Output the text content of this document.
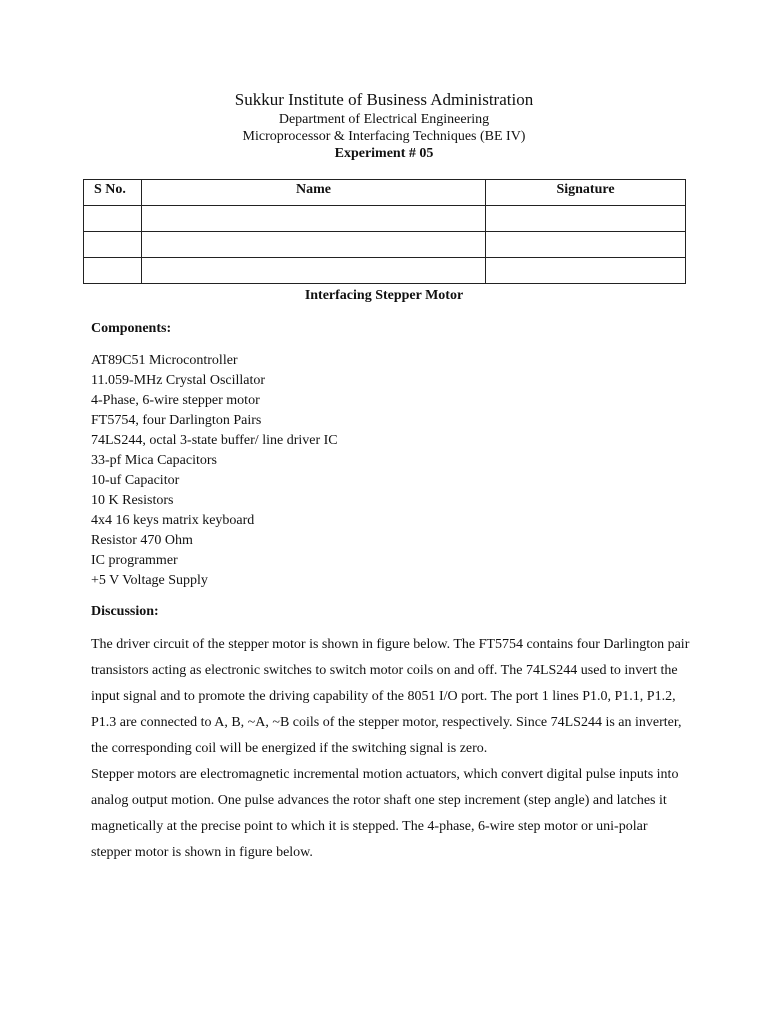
Sukkur Institute of Business Administration
Department of Electrical Engineering
Microprocessor & Interfacing Techniques (BE IV)
Experiment # 05
S No.	Name	Signature

Interfacing Stepper Motor
Components:
AT89C51 Microcontroller
11.059-MHz Crystal Oscillator
4-Phase, 6-wire stepper motor
FT5754, four Darlington Pairs
74LS244, octal 3-state buffer/ line driver IC
33-pf Mica Capacitors
10-uf Capacitor
10 K Resistors
4x4 16 keys matrix keyboard
Resistor 470 Ohm
IC programmer
+5 V Voltage Supply
Discussion:

The driver circuit of the stepper motor is shown in figure below. The FT5754 contains four Darlington pair transistors acting as electronic switches to switch motor coils on and off. The 74LS244 used to invert the input signal and to promote the driving capability of the 8051 I/O port. The port 1 lines P1.0, P1.1, P1.2, P1.3 are connected to A, B, ~A, ~B coils of the stepper motor, respectively. Since 74LS244 is an inverter, the corresponding coil will be energized if the switching signal is zero.

Stepper motors are electromagnetic incremental motion actuators, which convert digital pulse inputs into analog output motion. One pulse advances the rotor shaft one step increment (step angle) and latches it magnetically at the precise point to which it is stepped. The 4-phase, 6-wire step motor or uni-polar stepper motor is shown in figure below.
